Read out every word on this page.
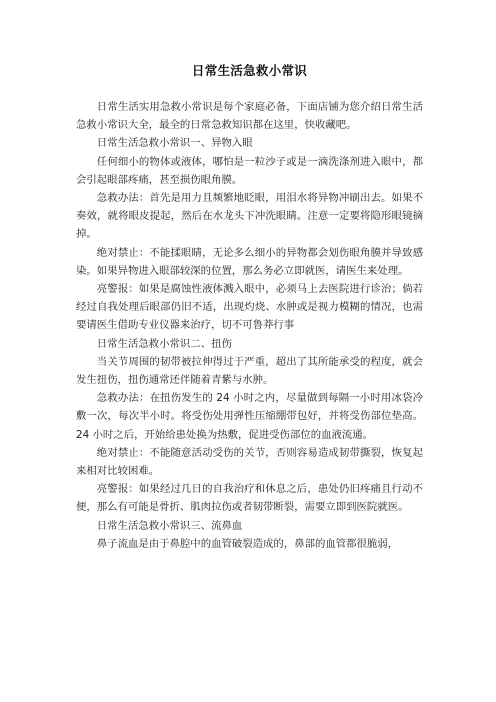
日常生活急救小常识

日常生活实用急救小常识是每个家庭必备，下面店铺为您介绍日常生活急救小常识大全，最全的日常急救知识都在这里，快收藏吧。

日常生活急救小常识一、异物入眼

任何细小的物体或液体，哪怕是一粒沙子或是一滴洗涤剂进入眼中，都会引起眼部疼痛，甚至损伤眼角膜。

急救办法：首先是用力且频繁地眨眼，用泪水将异物冲刷出去。如果不奏效，就将眼皮提起，然后在水龙头下冲洗眼睛。注意一定要将隐形眼镜摘掉。

绝对禁止：不能揉眼睛，无论多么细小的异物都会划伤眼角膜并导致感染。如果异物进入眼部较深的位置，那么务必立即就医，请医生来处理。

亮警报：如果是腐蚀性液体溅入眼中，必须马上去医院进行诊治；倘若经过自我处理后眼部仍旧不适，出现灼烧、水肿或是视力模糊的情况，也需要请医生借助专业仪器来治疗，切不可鲁莽行事

日常生活急救小常识二、扭伤

当关节周围的韧带被拉伸得过于严重，超出了其所能承受的程度，就会发生扭伤，扭伤通常还伴随着青紫与水肿。

急救办法：在扭伤发生的 24 小时之内，尽量做到每隔一小时用冰袋冷敷一次，每次半小时。将受伤处用弹性压缩绷带包好，并将受伤部位垫高。24 小时之后，开始给患处换为热敷，促进受伤部位的血液流通。

绝对禁止：不能随意活动受伤的关节，否则容易造成韧带撕裂，恢复起来相对比较困难。

亮警报：如果经过几日的自我治疗和休息之后，患处仍旧疼痛且行动不便，那么有可能是骨折、肌肉拉伤或者韧带断裂，需要立即到医院就医。

日常生活急救小常识三、流鼻血

鼻子流血是由于鼻腔中的血管破裂造成的，鼻部的血管都很脆弱，
